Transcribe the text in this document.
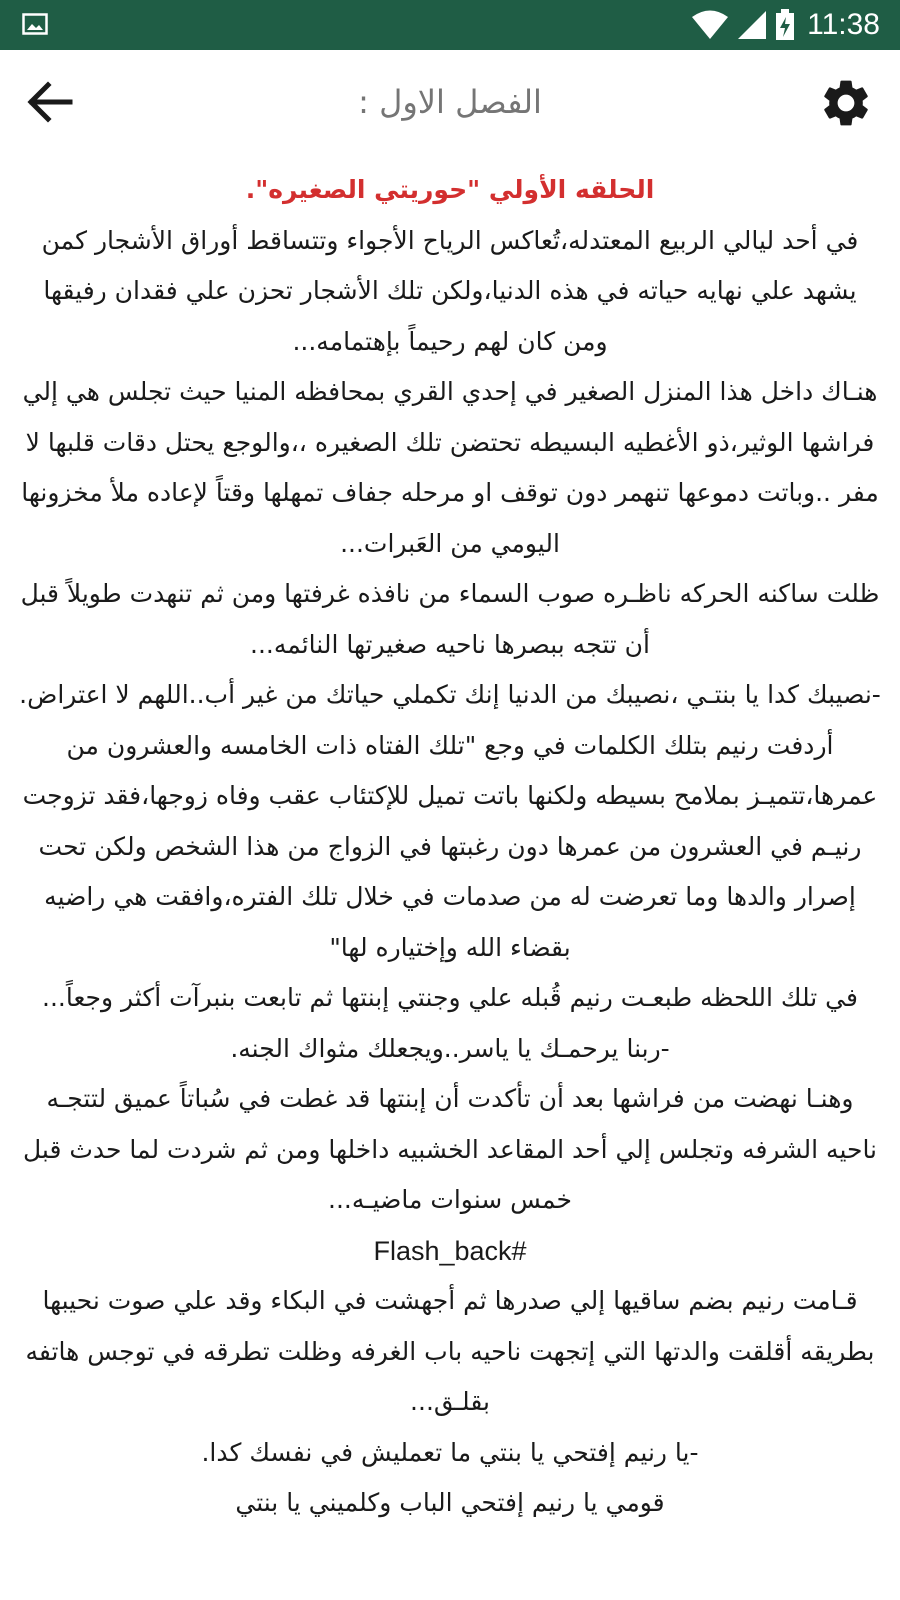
11:38
الفصل الاول :

الحلقه الأولي "حوريتي الصغيره".

في أحد ليالي الربيع المعتدله،تُعاكس الرياح الأجواء وتتساقط أوراق الأشجار كمن يشهد علي نهايه حياته في هذه الدنيا،ولكن تلك الأشجار تحزن علي فقدان رفيقها ومن كان لهم رحيماً بإهتمامه...

هنـاك داخل هذا المنزل الصغير في إحدي القري بمحافظه المنيا حيث تجلس هي إلي فراشها الوثير،ذو الأغطيه البسيطه تحتضن تلك الصغيره ،،والوجع يحتل دقات قلبها لا مفر ..وباتت دموعها تنهمر دون توقف او مرحله جفاف تمهلها وقتاً لإعاده ملأ مخزونها اليومي من العَبرات...

ظلت ساكنه الحركه ناظـره صوب السماء من نافذه غرفتها ومن ثم تنهدت طويلاً قبل أن تتجه ببصرها ناحيه صغيرتها النائمه...

-نصيبك كدا يا بنتـي ،نصيبك من الدنيا إنك تكملي حياتك من غير أب..اللهم لا اعتراض.

أردفت رنيم بتلك الكلمات في وجع "تلك الفتاه ذات الخامسه والعشرون من عمرها،تتميـز بملامح بسيطه ولكنها باتت تميل للإكتئاب عقب وفاه زوجها،فقد تزوجت رنيـم في العشرون من عمرها دون رغبتها في الزواج من هذا الشخص ولكن تحت إصرار والدها وما تعرضت له من صدمات في خلال تلك الفتره،وافقت هي راضيه بقضاء الله وإختياره لها"

في تلك اللحظه طبعـت رنيم قُبله علي وجنتي إبنتها ثم تابعت بنبرآت أكثر وجعاً...

-ربنا يرحمـك يا ياسر..ويجعلك مثواك الجنه.

وهنـا نهضت من فراشها بعد أن تأكدت أن إبنتها قد غطت في سُباتاً عميق لتتجـه ناحيه الشرفه وتجلس إلي أحد المقاعد الخشبيه داخلها ومن ثم شردت لما حدث قبل خمس سنوات ماضيـه...

Flash_back#

قـامت رنيم بضم ساقيها إلي صدرها ثم أجهشت في البكاء وقد علي صوت نحيبها بطريقه أقلقت والدتها التي إتجهت ناحيه باب الغرفه وظلت تطرقه في توجس هاتفه بقلـق...

-يا رنيم إفتحي يا بنتي ما تعمليش في نفسك كدا.

قومي يا رنيم إفتحي الباب وكلميني يا بنتي
